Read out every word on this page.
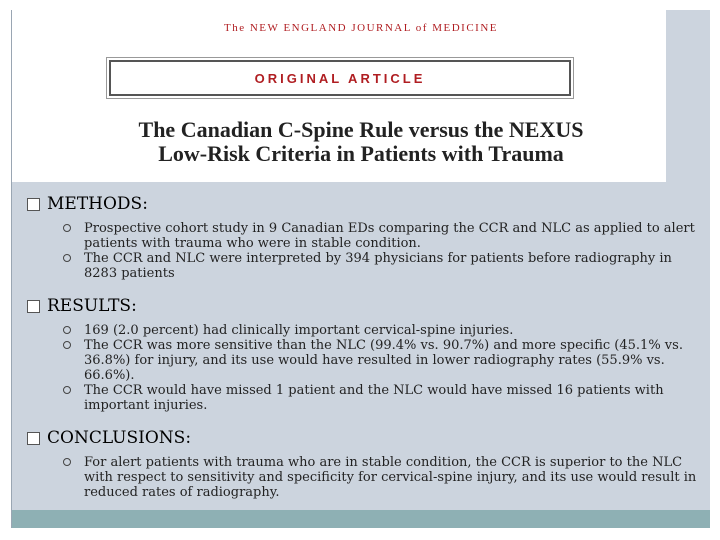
The NEW ENGLAND JOURNAL of MEDICINE
ORIGINAL ARTICLE
The Canadian C-Spine Rule versus the NEXUS
Low-Risk Criteria in Patients with Trauma
METHODS:
Prospective cohort study in 9 Canadian EDs comparing the CCR and NLC as applied to alert patients with trauma who were in stable condition.
The CCR and NLC were interpreted by 394 physicians for patients before radiography in 8283 patients
RESULTS:
169 (2.0 percent) had clinically important cervical-spine injuries.
The CCR was more sensitive than the NLC (99.4% vs. 90.7%) and more specific (45.1% vs. 36.8%) for injury, and its use would have resulted in lower radiography rates (55.9% vs. 66.6%).
The CCR would have missed 1 patient and the NLC would have missed 16 patients with important injuries.
CONCLUSIONS:
For alert patients with trauma who are in stable condition, the CCR is superior to the NLC with respect to sensitivity and specificity for cervical-spine injury, and its use would result in reduced rates of radiography.
